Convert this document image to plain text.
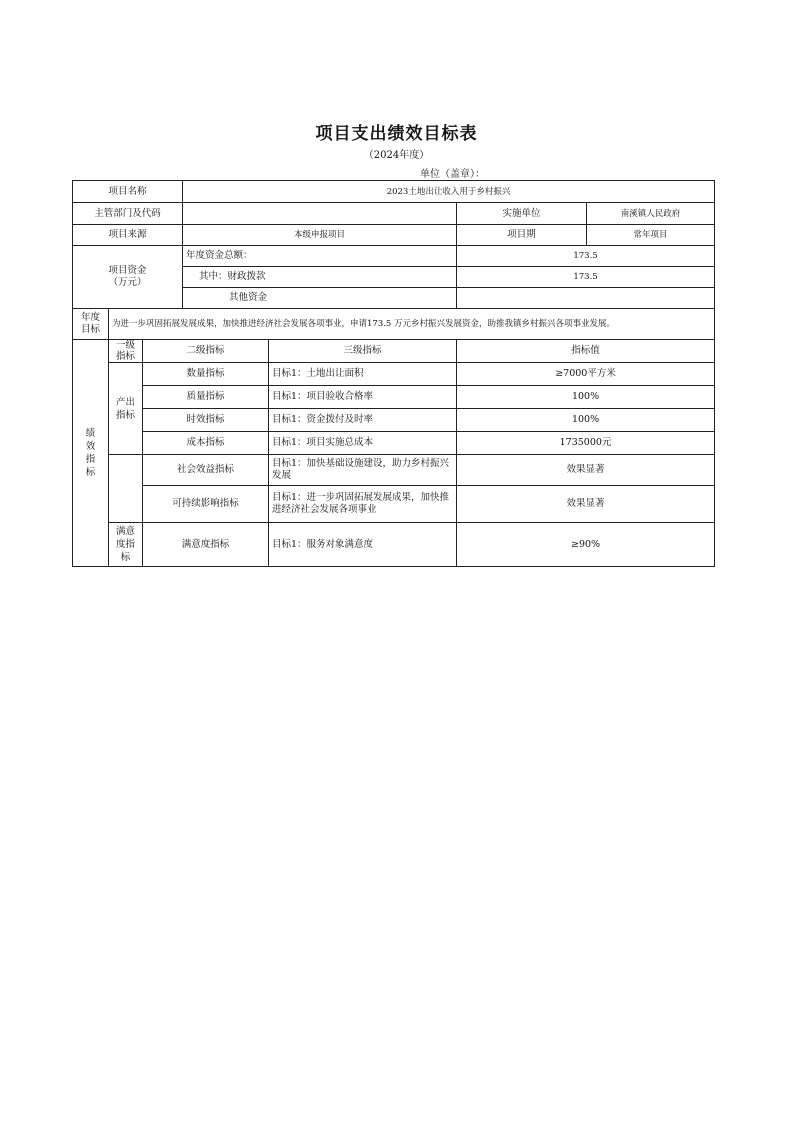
项目支出绩效目标表
（2024年度）
单位（盖章）：
项目名称			2023土地出让收入用于乡村振兴			
主管部门及代码					实施单位	南溪镇人民政府
项目来源			本级申报项目		项目期	常年项目

项目资金
（万元）			年度资金总额：		173.5	
			其中：财政拨款		173.5	
			其他资金			

年度
目标	为进一步巩固拓展发展成果，加快推进经济社会发展各项事业，申请173.5 万元乡村振兴发展资金，助推我镇乡村振兴各项事业发展。					

绩
效
指
标	一级指标	二级指标		三级指标	指标值	
	产出指标	数量指标		目标1：土地出让面积	≥7000平方米	
		质量指标		目标1：项目验收合格率	100%	
		时效指标		目标1：资金拨付及时率	100%	
		成本指标		目标1：项目实施总成本	1735000元	
		社会效益指标		目标1：加快基础设施建设，助力乡村振兴发展	效果显著	
		可持续影响指标		目标1：进一步巩固拓展发展成果，加快推进经济社会发展各项事业	效果显著	
	满意度指标	满意度指标		目标1：服务对象满意度	≥90%	
